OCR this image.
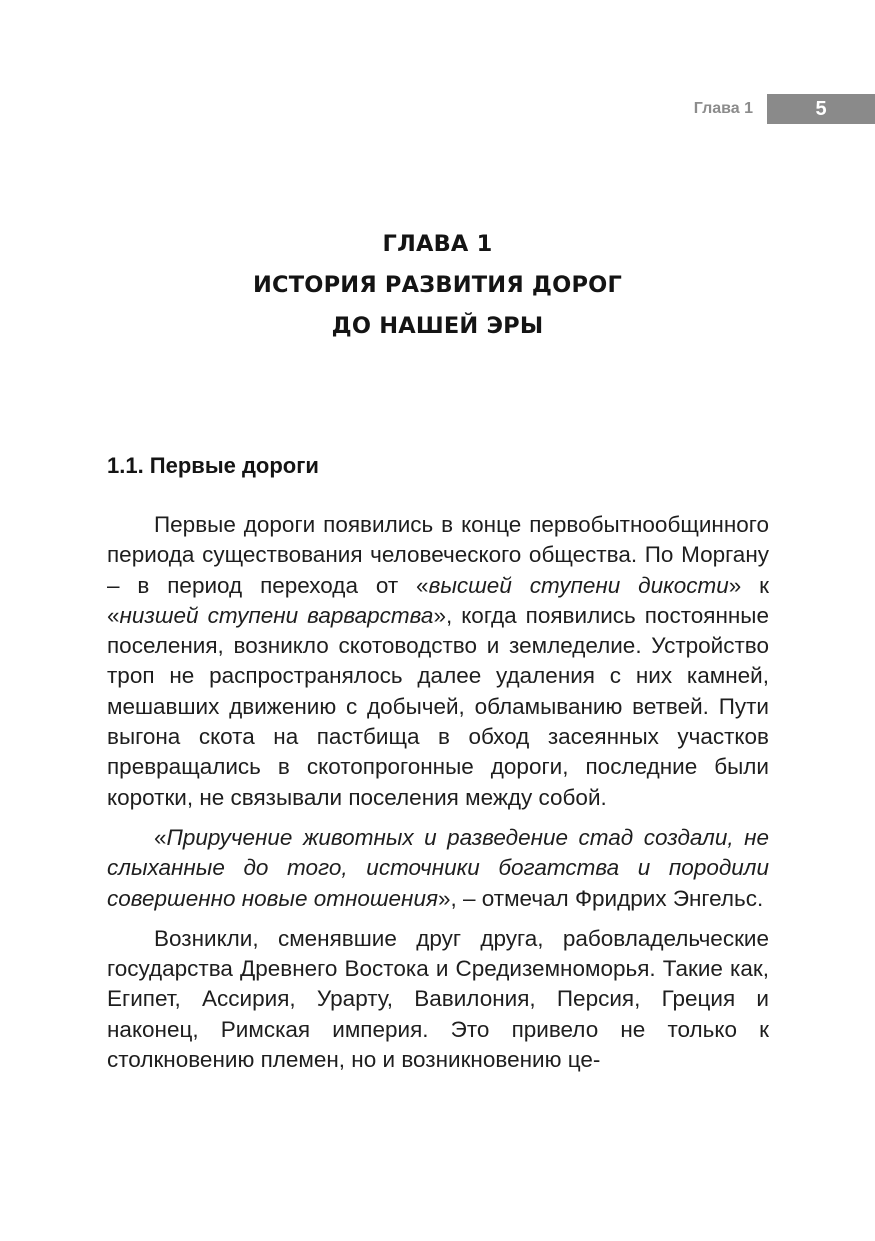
Глава 1	5
ГЛАВА 1
ИСТОРИЯ РАЗВИТИЯ ДОРОГ
ДО НАШЕЙ ЭРЫ
1.1. Первые дороги

Первые дороги появились в конце первобытнообщинного периода существования человеческого общества. По Моргану – в период перехода от «высшей ступени дикости» к «низшей ступени варварства», когда появились постоянные поселения, возникло скотоводство и земледелие. Устройство троп не распространялось далее удаления с них камней, мешавших движению с добычей, обламыванию ветвей. Пути выгона скота на пастбища в обход засеянных участков превращались в скотопрогонные дороги, последние были коротки, не связывали поселения между собой.

«Приручение животных и разведение стад создали, не слыханные до того, источники богатства и породили совершенно новые отношения», – отмечал Фридрих Энгельс.

Возникли, сменявшие друг друга, рабовладельческие государства Древнего Востока и Средиземноморья. Такие как, Египет, Ассирия, Урарту, Вавилония, Персия, Греция и наконец, Римская империя. Это привело не только к столкновению племен, но и возникновению це-
